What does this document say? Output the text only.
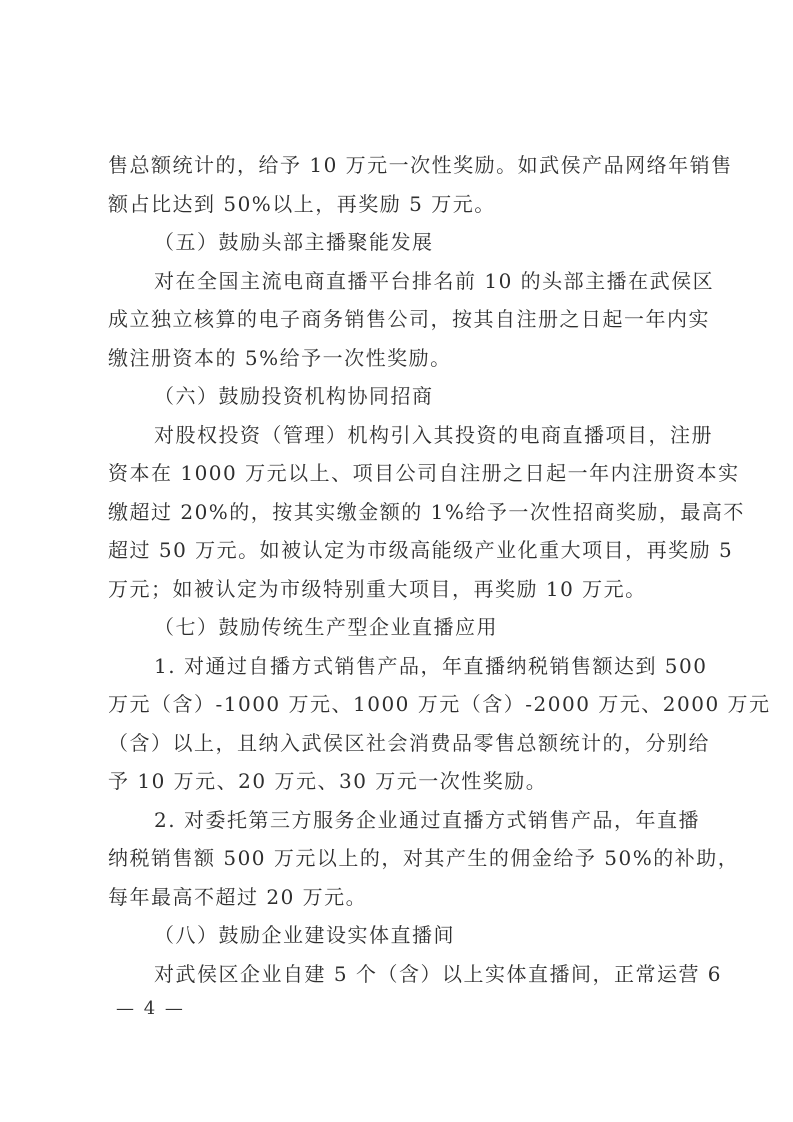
售总额统计的，给予 10 万元一次性奖励。如武侯产品网络年销售
额占比达到 50%以上，再奖励 5 万元。
（五）鼓励头部主播聚能发展
对在全国主流电商直播平台排名前 10 的头部主播在武侯区
成立独立核算的电子商务销售公司，按其自注册之日起一年内实
缴注册资本的 5%给予一次性奖励。
（六）鼓励投资机构协同招商
对股权投资（管理）机构引入其投资的电商直播项目，注册
资本在 1000 万元以上、项目公司自注册之日起一年内注册资本实
缴超过 20%的，按其实缴金额的 1%给予一次性招商奖励，最高不
超过 50 万元。如被认定为市级高能级产业化重大项目，再奖励 5
万元；如被认定为市级特别重大项目，再奖励 10 万元。
（七）鼓励传统生产型企业直播应用
1. 对通过自播方式销售产品，年直播纳税销售额达到 500
万元（含）-1000 万元、1000 万元（含）-2000 万元、2000 万元
（含）以上，且纳入武侯区社会消费品零售总额统计的，分别给
予 10 万元、20 万元、30 万元一次性奖励。
2. 对委托第三方服务企业通过直播方式销售产品，年直播
纳税销售额 500 万元以上的，对其产生的佣金给予 50%的补助，
每年最高不超过 20 万元。
（八）鼓励企业建设实体直播间
对武侯区企业自建 5 个（含）以上实体直播间，正常运营 6
— 4 —
